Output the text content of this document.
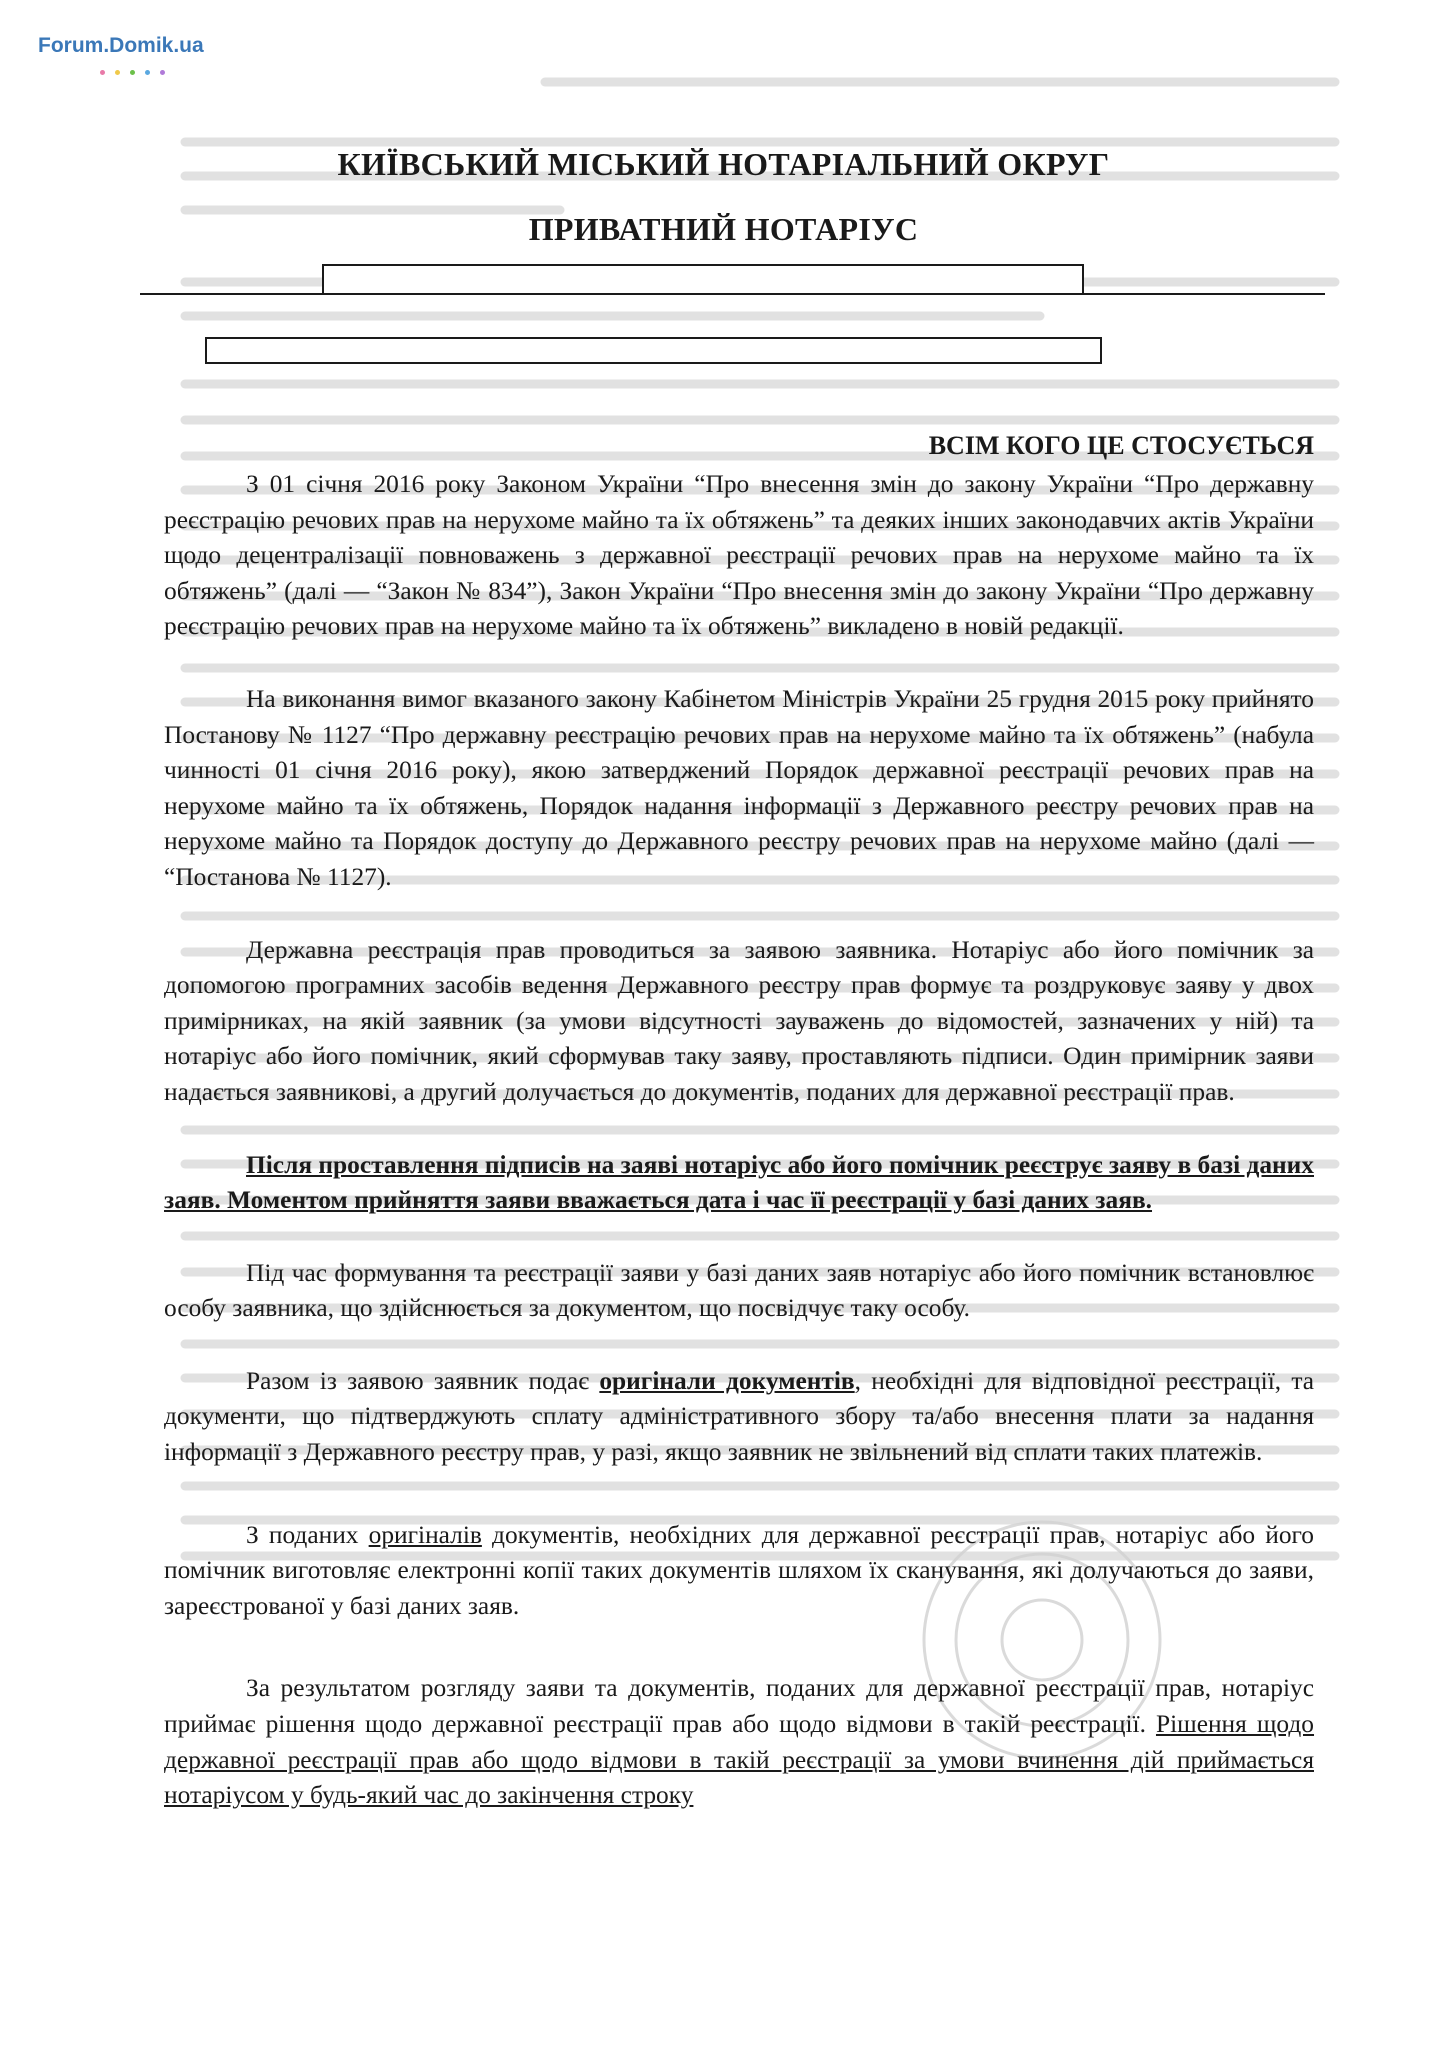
Forum.Domik.ua
КИЇВСЬКИЙ МІСЬКИЙ НОТАРІАЛЬНИЙ ОКРУГ
ПРИВАТНИЙ НОТАРІУС
ВСІМ КОГО ЦЕ СТОСУЄТЬСЯ

З 01 січня 2016 року Законом України “Про внесення змін до закону України “Про державну реєстрацію речових прав на нерухоме майно та їх обтяжень” та деяких інших законодавчих актів України щодо децентралізації повноважень з державної реєстрації речових прав на нерухоме майно та їх обтяжень” (далі — “Закон № 834”), Закон України “Про внесення змін до закону України “Про державну реєстрацію речових прав на нерухоме майно та їх обтяжень” викладено в новій редакції.

На виконання вимог вказаного закону Кабінетом Міністрів України 25 грудня 2015 року прийнято Постанову № 1127 “Про державну реєстрацію речових прав на нерухоме майно та їх обтяжень” (набула чинності 01 січня 2016 року), якою затверджений Порядок державної реєстрації речових прав на нерухоме майно та їх обтяжень, Порядок надання інформації з Державного реєстру речових прав на нерухоме майно та Порядок доступу до Державного реєстру речових прав на нерухоме майно (далі — “Постанова № 1127).

Державна реєстрація прав проводиться за заявою заявника. Нотаріус або його помічник за допомогою програмних засобів ведення Державного реєстру прав формує та роздруковує заяву у двох примірниках, на якій заявник (за умови відсутності зауважень до відомостей, зазначених у ній) та нотаріус або його помічник, який сформував таку заяву, проставляють підписи. Один примірник заяви надається заявникові, а другий долучається до документів, поданих для державної реєстрації прав.

Після проставлення підписів на заяві нотаріус або його помічник реєструє заяву в базі даних заяв. Моментом прийняття заяви вважається дата і час її реєстрації у базі даних заяв.

Під час формування та реєстрації заяви у базі даних заяв нотаріус або його помічник встановлює особу заявника, що здійснюється за документом, що посвідчує таку особу.

Разом із заявою заявник подає оригінали документів, необхідні для відповідної реєстрації, та документи, що підтверджують сплату адміністративного збору та/або внесення плати за надання інформації з Державного реєстру прав, у разі, якщо заявник не звільнений від сплати таких платежів.

З поданих оригіналів документів, необхідних для державної реєстрації прав, нотаріус або його помічник виготовляє електронні копії таких документів шляхом їх сканування, які долучаються до заяви, зареєстрованої у базі даних заяв.

За результатом розгляду заяви та документів, поданих для державної реєстрації прав, нотаріус приймає рішення щодо державної реєстрації прав або щодо відмови в такій реєстрації. Рішення щодо державної реєстрації прав або щодо відмови в такій реєстрації за умови вчинення дій приймається нотаріусом у будь-який час до закінчення строку
